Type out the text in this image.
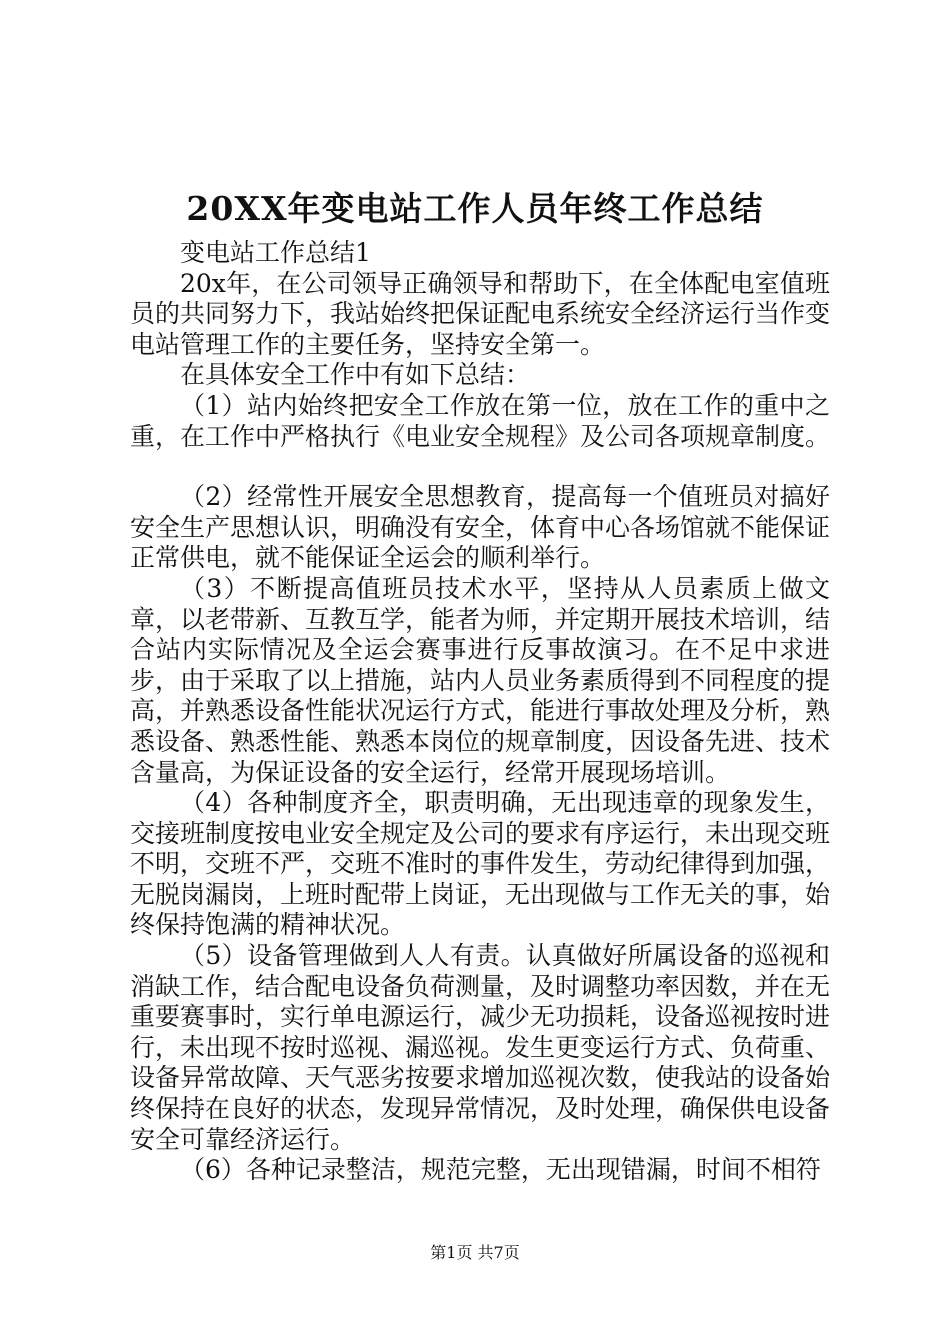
20XX年变电站工作人员年终工作总结

变电站工作总结1

20x年，在公司领导正确领导和帮助下，在全体配电室值班员的共同努力下，我站始终把保证配电系统安全经济运行当作变电站管理工作的主要任务，坚持安全第一。

在具体安全工作中有如下总结：

（1）站内始终把安全工作放在第一位，放在工作的重中之重，在工作中严格执行《电业安全规程》及公司各项规章制度。

（2）经常性开展安全思想教育，提高每一个值班员对搞好安全生产思想认识，明确没有安全，体育中心各场馆就不能保证正常供电，就不能保证全运会的顺利举行。

（3）不断提高值班员技术水平，坚持从人员素质上做文章，以老带新、互教互学，能者为师，并定期开展技术培训，结合站内实际情况及全运会赛事进行反事故演习。在不足中求进步，由于采取了以上措施，站内人员业务素质得到不同程度的提高，并熟悉设备性能状况运行方式，能进行事故处理及分析，熟悉设备、熟悉性能、熟悉本岗位的规章制度，因设备先进、技术含量高，为保证设备的安全运行，经常开展现场培训。

（4）各种制度齐全，职责明确，无出现违章的现象发生，交接班制度按电业安全规定及公司的要求有序运行，未出现交班不明，交班不严，交班不准时的事件发生，劳动纪律得到加强，无脱岗漏岗，上班时配带上岗证，无出现做与工作无关的事，始终保持饱满的精神状况。

（5）设备管理做到人人有责。认真做好所属设备的巡视和消缺工作，结合配电设备负荷测量，及时调整功率因数，并在无重要赛事时，实行单电源运行，减少无功损耗，设备巡视按时进行，未出现不按时巡视、漏巡视。发生更变运行方式、负荷重、设备异常故障、天气恶劣按要求增加巡视次数，使我站的设备始终保持在良好的状态，发现异常情况，及时处理，确保供电设备安全可靠经济运行。

（6）各种记录整洁，规范完整，无出现错漏，时间不相符

第1页 共7页
